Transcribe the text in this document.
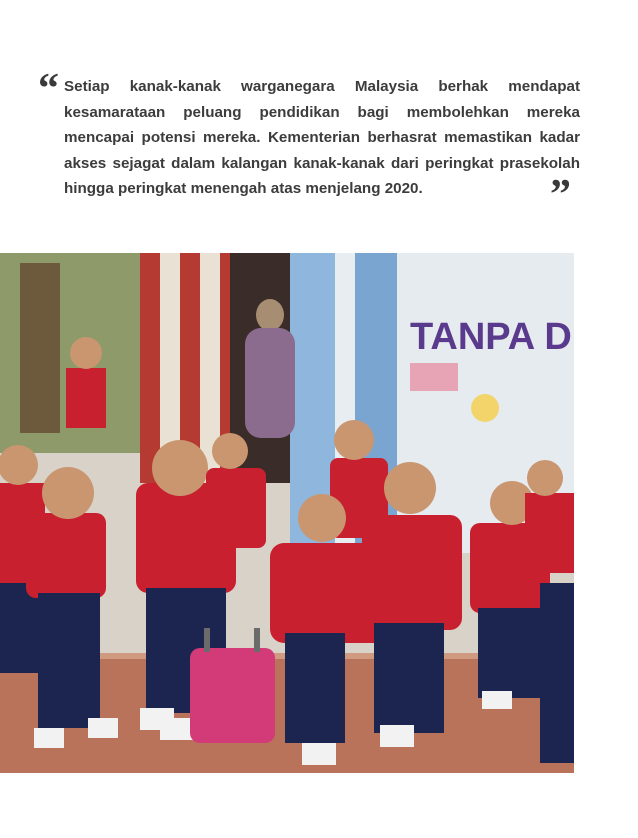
“ Setiap kanak-kanak warganegara Malaysia berhak mendapat kesamarataan peluang pendidikan bagi membolehkan mereka mencapai potensi mereka. Kementerian berhasrat memastikan kadar akses sejagat dalam kalangan kanak-kanak dari peringkat prasekolah hingga peringkat menengah atas menjelang 2020.	”
TANPA D
